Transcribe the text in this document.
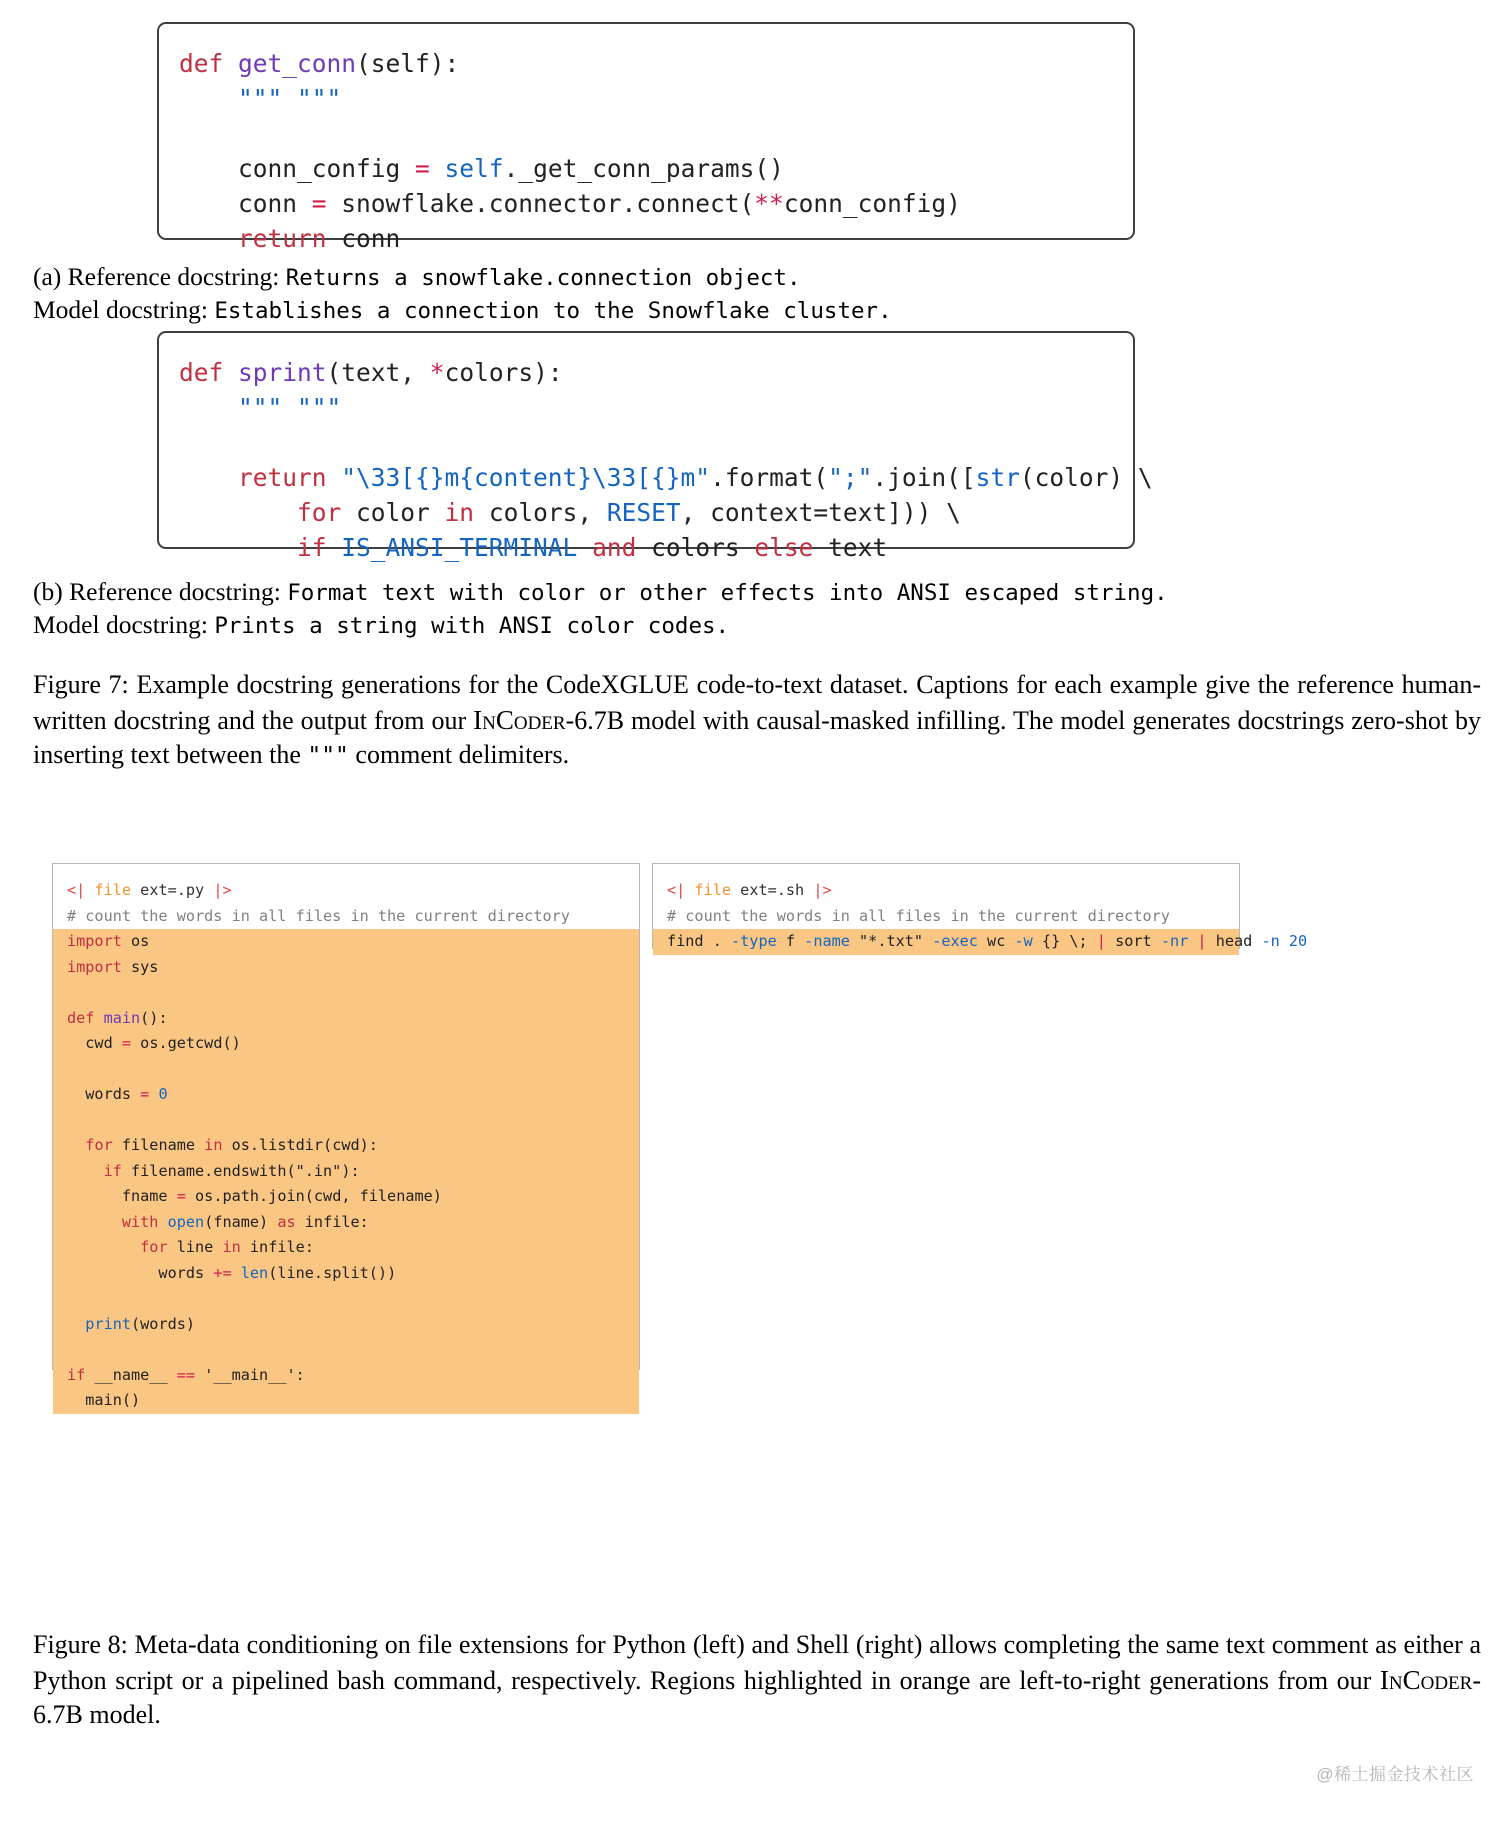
def get_conn(self):
""" """

conn_config = self._get_conn_params()
conn = snowflake.connector.connect(**conn_config)
return conn
(a) Reference docstring: Returns a snowflake.connection object.
Model docstring: Establishes a connection to the Snowflake cluster.
def sprint(text, *colors):
""" """

return "\33[{}m{content}\33[{}m".format(";".join([str(color) \
for color in colors, RESET, context=text])) \
if IS_ANSI_TERMINAL and colors else text
(b) Reference docstring: Format text with color or other effects into ANSI escaped string.
Model docstring: Prints a string with ANSI color codes.
Figure 7: Example docstring generations for the CodeXGLUE code-to-text dataset. Captions for each example give the reference human-written docstring and the output from our InCoder-6.7B model with causal-masked infilling. The model generates docstrings zero-shot by inserting text between the """ comment delimiters.
<| file ext=.py |>
# count the words in all files in the current directory

import os
import sys

def main():
cwd = os.getcwd()

words = 0

for filename in os.listdir(cwd):
if filename.endswith(".in"):
fname = os.path.join(cwd, filename)
with open(fname) as infile:
for line in infile:
words += len(line.split())

print(words)

if __name__ == '__main__':
main()
<| file ext=.sh |>
# count the words in all files in the current directory

find . -type f -name "*.txt" -exec wc -w {} \; | sort -nr | head -n 20
Figure 8: Meta-data conditioning on file extensions for Python (left) and Shell (right) allows completing the same text comment as either a Python script or a pipelined bash command, respectively. Regions highlighted in orange are left-to-right generations from our InCoder-6.7B model.
@稀土掘金技术社区
